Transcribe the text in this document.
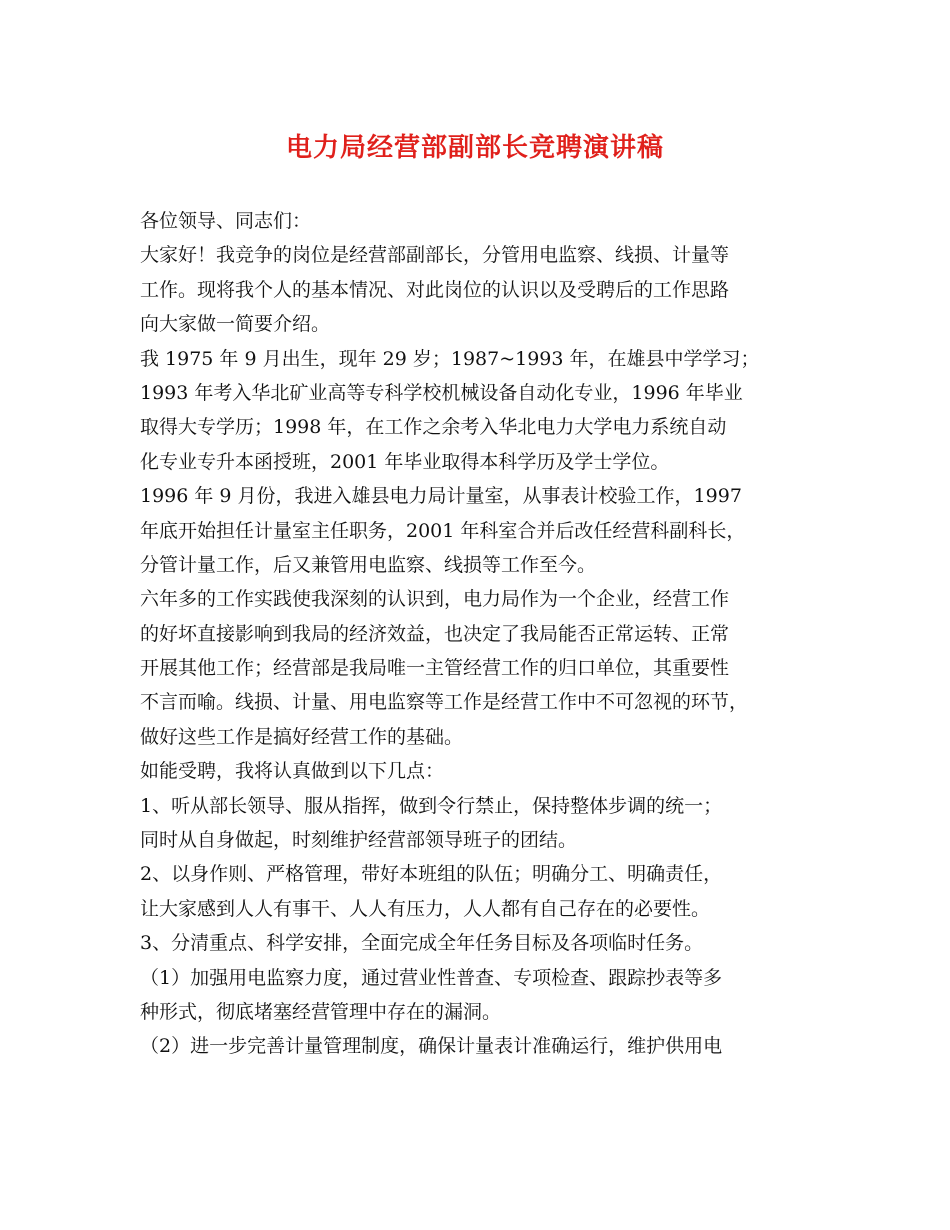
电力局经营部副部长竞聘演讲稿
各位领导、同志们：
大家好！我竞争的岗位是经营部副部长，分管用电监察、线损、计量等
工作。现将我个人的基本情况、对此岗位的认识以及受聘后的工作思路
向大家做一简要介绍。
我 1975 年 9 月出生，现年 29 岁；1987~1993 年，在雄县中学学习；
1993 年考入华北矿业高等专科学校机械设备自动化专业，1996 年毕业
取得大专学历；1998 年，在工作之余考入华北电力大学电力系统自动
化专业专升本函授班，2001 年毕业取得本科学历及学士学位。
1996 年 9 月份，我进入雄县电力局计量室，从事表计校验工作，1997
年底开始担任计量室主任职务，2001 年科室合并后改任经营科副科长，
分管计量工作，后又兼管用电监察、线损等工作至今。
六年多的工作实践使我深刻的认识到，电力局作为一个企业，经营工作
的好坏直接影响到我局的经济效益，也决定了我局能否正常运转、正常
开展其他工作；经营部是我局唯一主管经营工作的归口单位，其重要性
不言而喻。线损、计量、用电监察等工作是经营工作中不可忽视的环节，
做好这些工作是搞好经营工作的基础。
如能受聘，我将认真做到以下几点：
1、听从部长领导、服从指挥，做到令行禁止，保持整体步调的统一；
同时从自身做起，时刻维护经营部领导班子的团结。
2、以身作则、严格管理，带好本班组的队伍；明确分工、明确责任，
让大家感到人人有事干、人人有压力，人人都有自己存在的必要性。
3、分清重点、科学安排，全面完成全年任务目标及各项临时任务。
（1）加强用电监察力度，通过营业性普查、专项检查、跟踪抄表等多
种形式，彻底堵塞经营管理中存在的漏洞。
（2）进一步完善计量管理制度，确保计量表计准确运行，维护供用电
